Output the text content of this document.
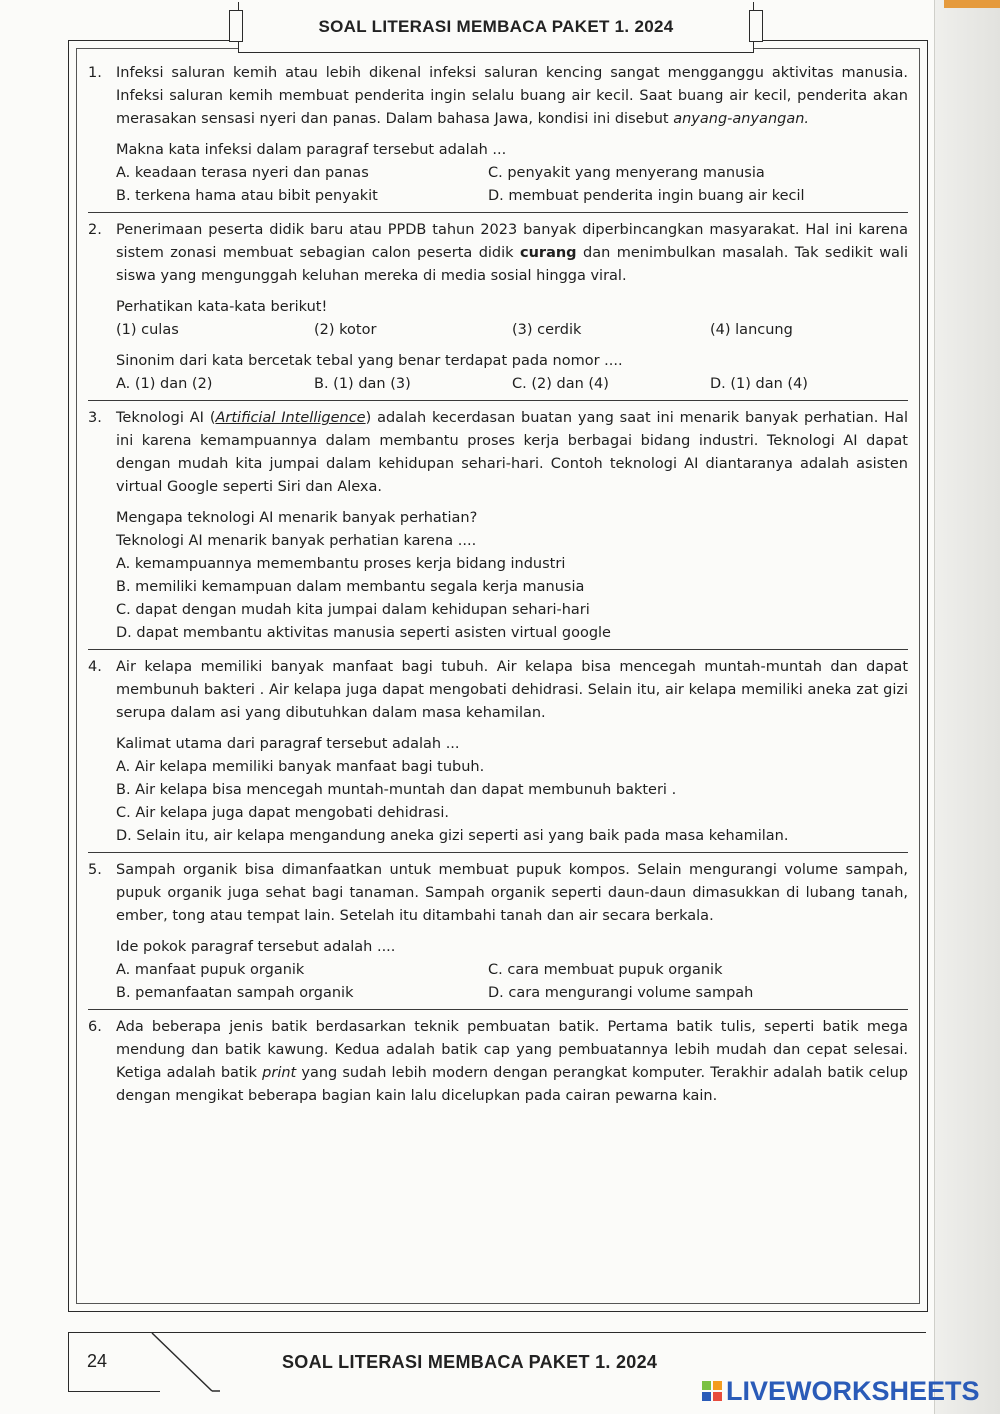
SOAL LITERASI MEMBACA PAKET 1. 2024
1. Infeksi saluran kemih atau lebih dikenal infeksi saluran kencing sangat mengganggu aktivitas manusia. Infeksi saluran kemih membuat penderita ingin selalu buang air kecil. Saat buang air kecil, penderita akan merasakan sensasi nyeri dan panas. Dalam bahasa Jawa, kondisi ini disebut anyang-anyangan.

Makna kata infeksi dalam paragraf tersebut adalah ...
A. keadaan terasa nyeri dan panas	C. penyakit yang menyerang manusia
B. terkena hama atau bibit penyakit	D. membuat penderita ingin buang air kecil
2. Penerimaan peserta didik baru atau PPDB tahun 2023 banyak diperbincangkan masyarakat. Hal ini karena sistem zonasi membuat sebagian calon peserta didik curang dan menimbulkan masalah. Tak sedikit wali siswa yang mengunggah keluhan mereka di media sosial hingga viral.

Perhatikan kata-kata berikut!
(1) culas	(2) kotor	(3) cerdik	(4) lancung
Sinonim dari kata bercetak tebal yang benar terdapat pada nomor ....
A. (1) dan (2)	B. (1) dan (3)	C. (2) dan (4)	D. (1) dan (4)
3. Teknologi AI (Artificial Intelligence) adalah kecerdasan buatan yang saat ini menarik banyak perhatian. Hal ini karena kemampuannya dalam membantu proses kerja berbagai bidang industri. Teknologi AI dapat dengan mudah kita jumpai dalam kehidupan sehari-hari. Contoh teknologi AI diantaranya adalah asisten virtual Google seperti Siri dan Alexa.

Mengapa teknologi AI menarik banyak perhatian?
Teknologi AI menarik banyak perhatian karena ....
A. kemampuannya memembantu proses kerja bidang industri
B. memiliki kemampuan dalam membantu segala kerja manusia
C. dapat dengan mudah kita jumpai dalam kehidupan sehari-hari
D. dapat membantu aktivitas manusia seperti asisten virtual google
4. Air kelapa memiliki banyak manfaat bagi tubuh. Air kelapa bisa mencegah muntah-muntah dan dapat membunuh bakteri . Air kelapa juga dapat mengobati dehidrasi. Selain itu, air kelapa memiliki aneka zat gizi serupa dalam asi yang dibutuhkan dalam masa kehamilan.

Kalimat utama dari paragraf tersebut adalah ...
A. Air kelapa memiliki banyak manfaat bagi tubuh.
B. Air kelapa bisa mencegah muntah-muntah dan dapat membunuh bakteri .
C. Air kelapa juga dapat mengobati dehidrasi.
D. Selain itu, air kelapa mengandung aneka gizi seperti asi yang baik pada masa kehamilan.
5. Sampah organik bisa dimanfaatkan untuk membuat pupuk kompos. Selain mengurangi volume sampah, pupuk organik juga sehat bagi tanaman. Sampah organik seperti daun-daun dimasukkan di lubang tanah, ember, tong atau tempat lain. Setelah itu ditambahi tanah dan air secara berkala.

Ide pokok paragraf tersebut adalah ....
A. manfaat pupuk organik	C. cara membuat pupuk organik
B. pemanfaatan sampah organik	D. cara mengurangi volume sampah
6. Ada beberapa jenis batik berdasarkan teknik pembuatan batik. Pertama batik tulis, seperti batik mega mendung dan batik kawung. Kedua adalah batik cap yang pembuatannya lebih mudah dan cepat selesai. Ketiga adalah batik print yang sudah lebih modern dengan perangkat komputer. Terakhir adalah batik celup dengan mengikat beberapa bagian kain lalu dicelupkan pada cairan pewarna kain.

24	SOAL LITERASI MEMBACA PAKET 1. 2024
LIVEWORKSHEETS
